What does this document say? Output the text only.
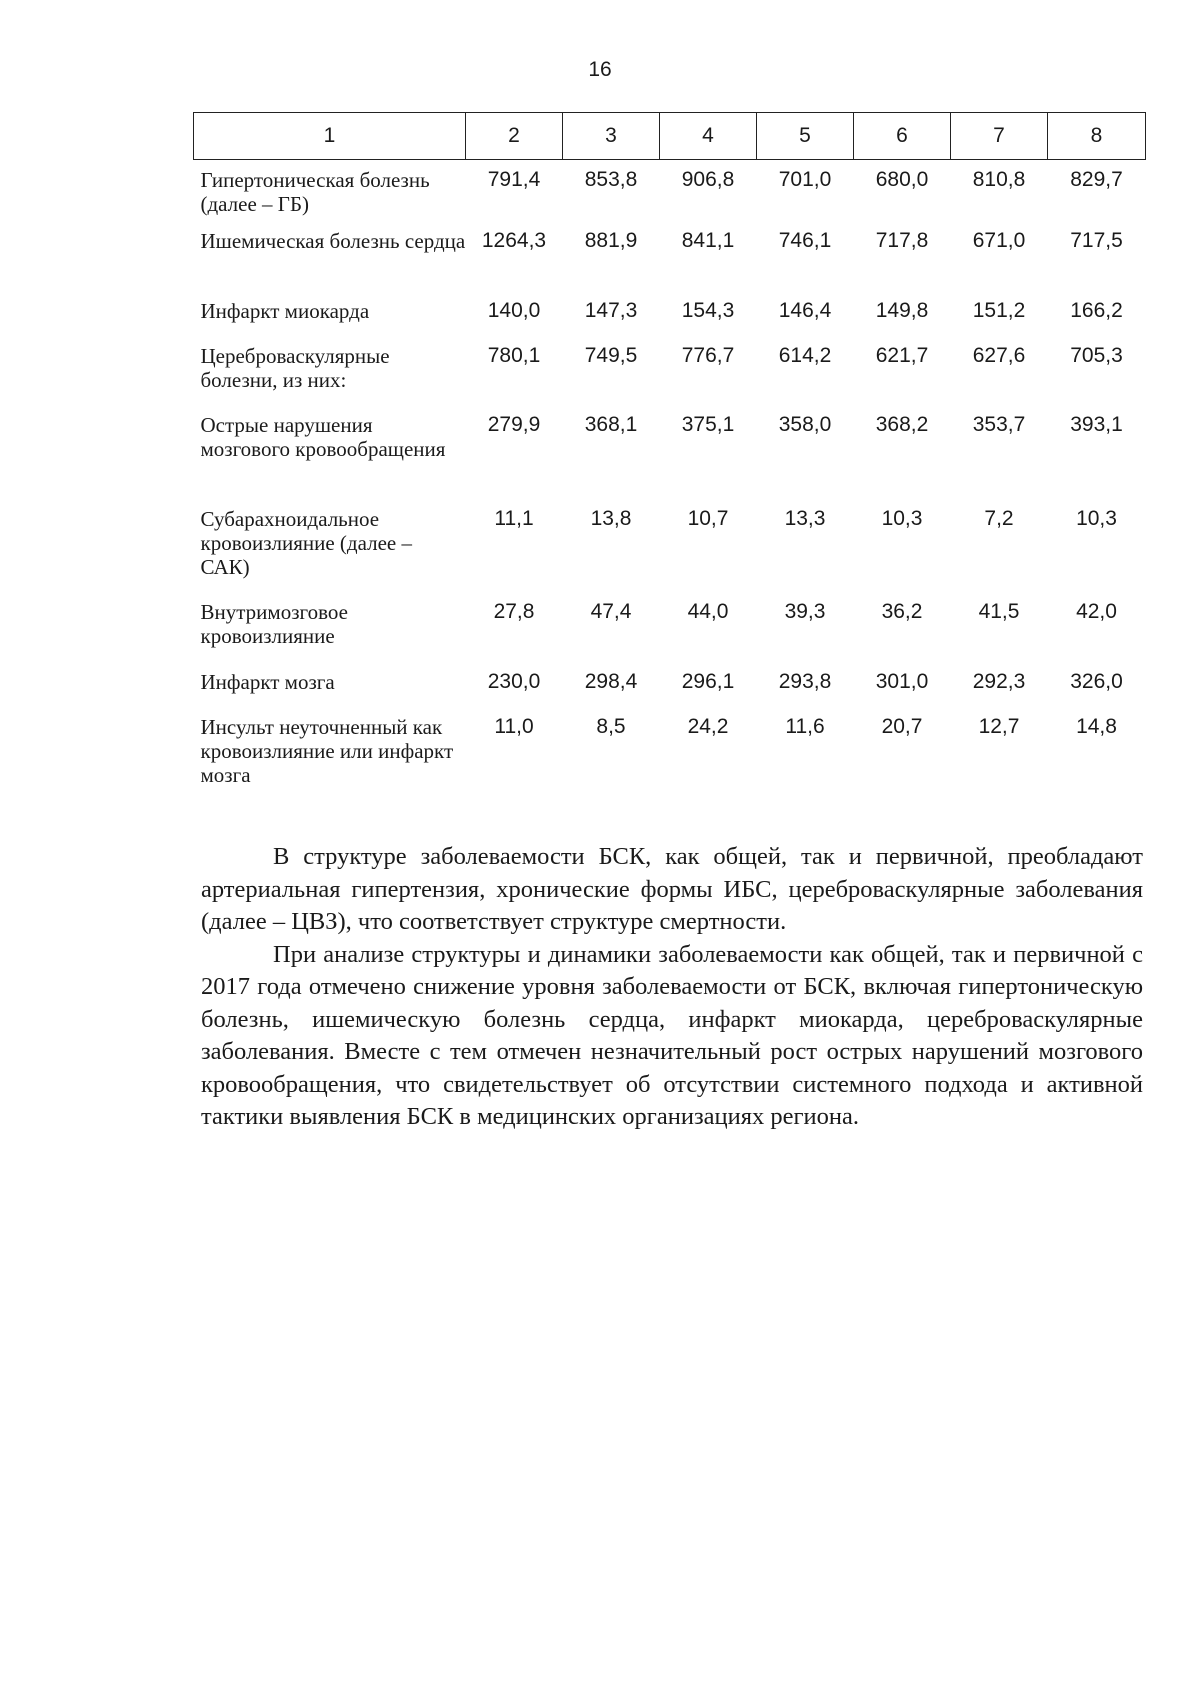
16
1	2	3	4	5	6	7	8
Гипертоническая болезнь (далее – ГБ)	791,4	853,8	906,8	701,0	680,0	810,8	829,7
Ишемическая болезнь сердца	1264,3	881,9	841,1	746,1	717,8	671,0	717,5
Инфаркт миокарда	140,0	147,3	154,3	146,4	149,8	151,2	166,2
Цереброваскулярные болезни, из них:	780,1	749,5	776,7	614,2	621,7	627,6	705,3
Острые нарушения мозгового кровообращения	279,9	368,1	375,1	358,0	368,2	353,7	393,1
Субарахноидальное кровоизлияние (далее – САК)	11,1	13,8	10,7	13,3	10,3	7,2	10,3
Внутримозговое кровоизлияние	27,8	47,4	44,0	39,3	36,2	41,5	42,0
Инфаркт мозга	230,0	298,4	296,1	293,8	301,0	292,3	326,0
Инсульт неуточненный как кровоизлияние или инфаркт мозга	11,0	8,5	24,2	11,6	20,7	12,7	14,8

В структуре заболеваемости БСК, как общей, так и первичной, преобладают артериальная гипертензия, хронические формы ИБС, цереброваскулярные заболевания (далее – ЦВЗ), что соответствует структуре смертности.

При анализе структуры и динамики заболеваемости как общей, так и первичной с 2017 года отмечено снижение уровня заболеваемости от БСК, включая гипертоническую болезнь, ишемическую болезнь сердца, инфаркт миокарда, цереброваскулярные заболевания. Вместе с тем отмечен незначительный рост острых нарушений мозгового кровообращения, что свидетельствует об отсутствии системного подхода и активной тактики выявления БСК в медицинских организациях региона.
